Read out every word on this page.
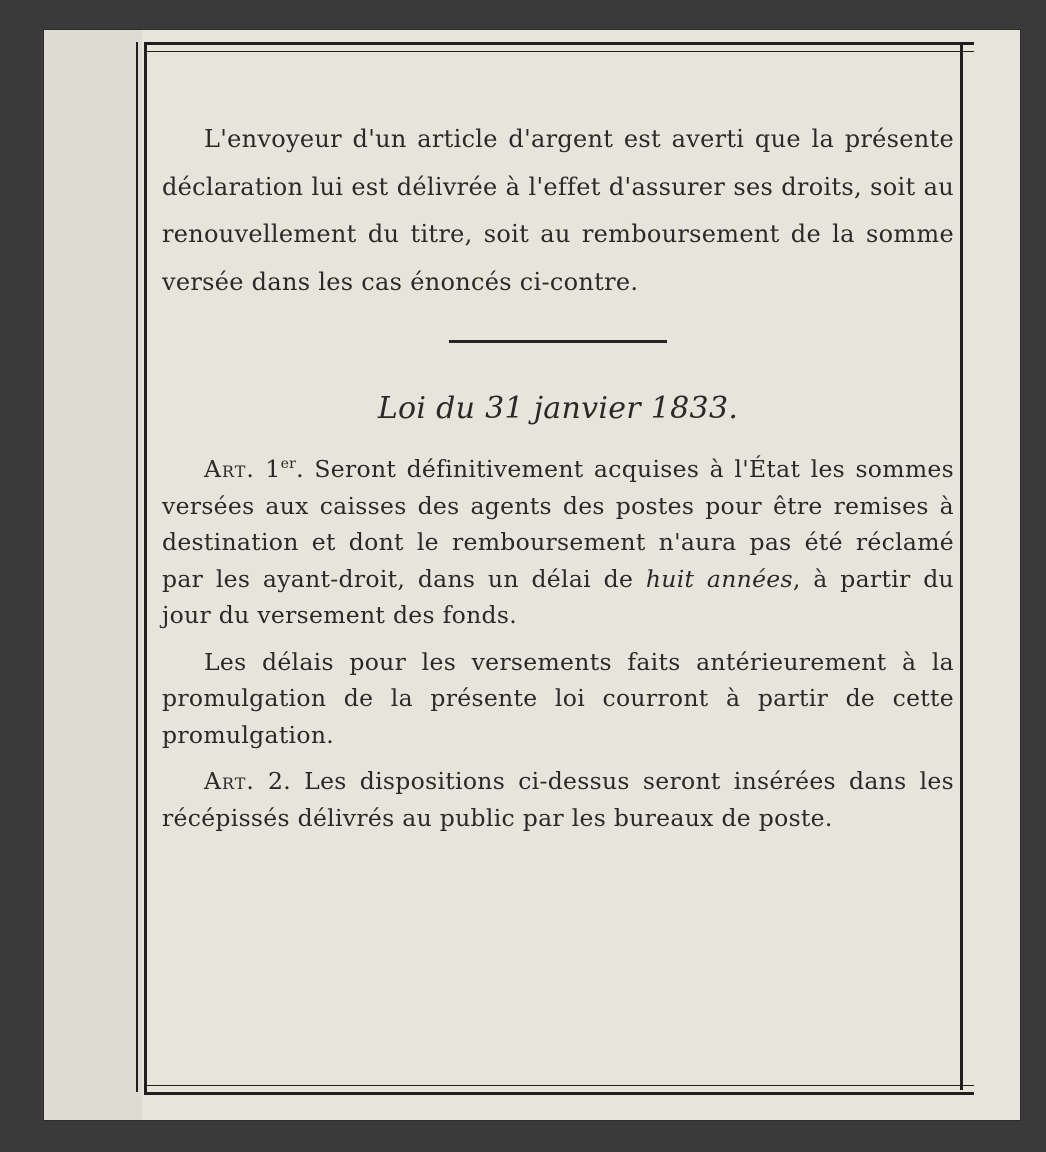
L'envoyeur d'un article d'argent est averti que la présente déclaration lui est délivrée à l'effet d'assurer ses droits, soit au renouvellement du titre, soit au remboursement de la somme versée dans les cas énoncés ci-contre.

Loi du 31 janvier 1833.

Art. 1er. Seront définitivement acquises à l'État les sommes versées aux caisses des agents des postes pour être remises à destination et dont le remboursement n'aura pas été réclamé par les ayant-droit, dans un délai de huit années, à partir du jour du versement des fonds.

Les délais pour les versements faits antérieurement à la promulgation de la présente loi courront à partir de cette promulgation.

Art. 2. Les dispositions ci-dessus seront insérées dans les récépissés délivrés au public par les bureaux de poste.
